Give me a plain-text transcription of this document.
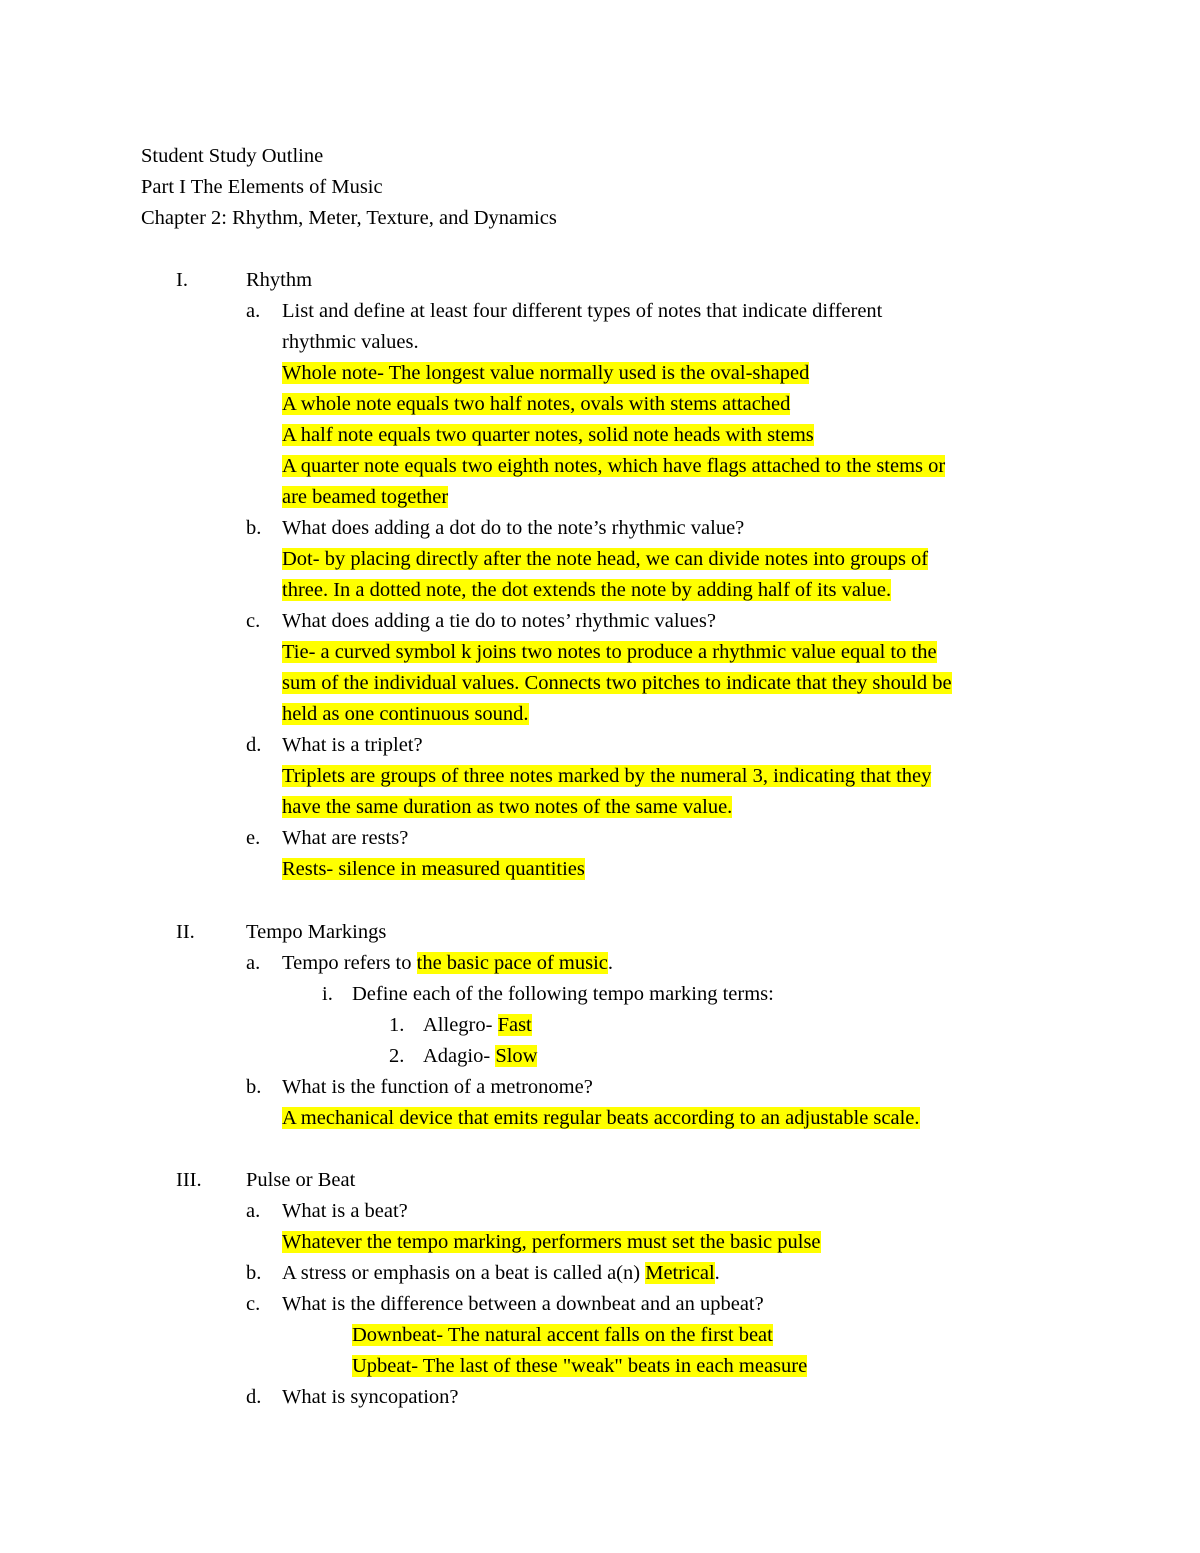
Student Study Outline
Part I The Elements of Music
Chapter 2: Rhythm, Meter, Texture, and Dynamics
I.	Rhythm
a. List and define at least four different types of notes that indicate different
rhythmic values.
Whole note- The longest value normally used is the oval-shaped
A whole note equals two half notes, ovals with stems attached
A half note equals two quarter notes, solid note heads with stems
A quarter note equals two eighth notes, which have flags attached to the stems or
are beamed together
b. What does adding a dot do to the note’s rhythmic value?
Dot- by placing directly after the note head, we can divide notes into groups of
three. In a dotted note, the dot extends the note by adding half of its value.
c. What does adding a tie do to notes’ rhythmic values?
Tie- a curved symbol k joins two notes to produce a rhythmic value equal to the
sum of the individual values. Connects two pitches to indicate that they should be
held as one continuous sound.
d. What is a triplet?
Triplets are groups of three notes marked by the numeral 3, indicating that they
have the same duration as two notes of the same value.
e. What are rests?
Rests- silence in measured quantities
II. Tempo Markings
a. Tempo refers to the basic pace of music.
i. Define each of the following tempo marking terms:
1. Allegro- Fast
2. Adagio- Slow
b. What is the function of a metronome?
A mechanical device that emits regular beats according to an adjustable scale.
III. Pulse or Beat
a. What is a beat?
Whatever the tempo marking, performers must set the basic pulse
b. A stress or emphasis on a beat is called a(n) Metrical.
c. What is the difference between a downbeat and an upbeat?
Downbeat- The natural accent falls on the first beat
Upbeat- The last of these "weak" beats in each measure
d. What is syncopation?
